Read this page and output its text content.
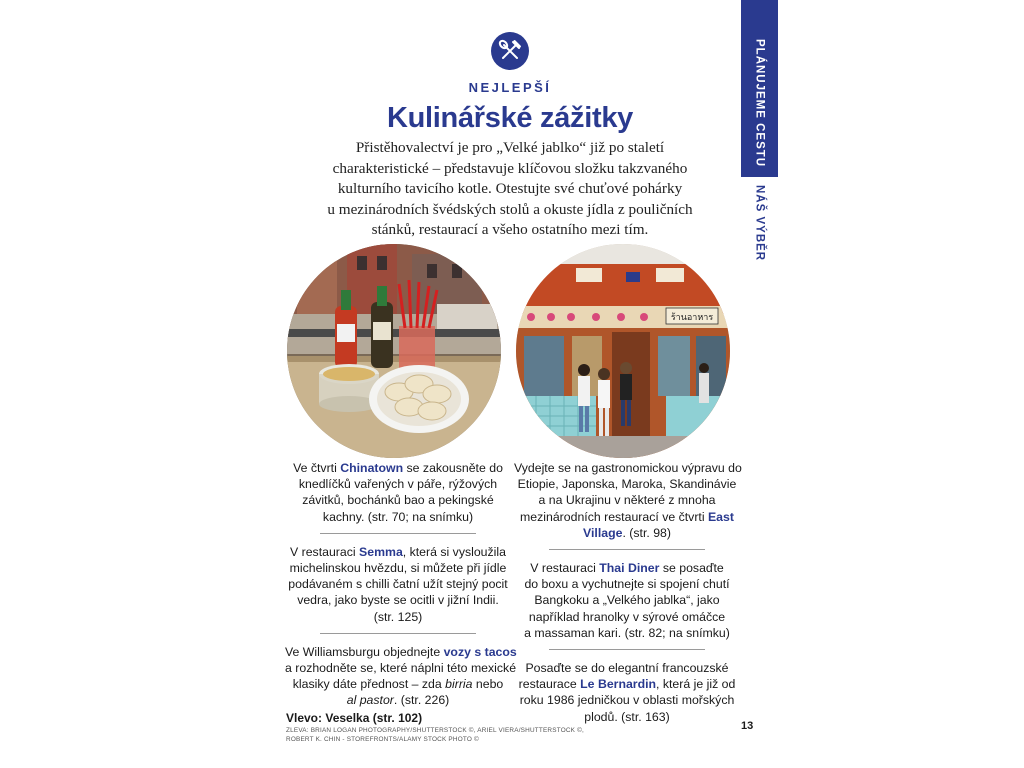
PLÁNUJEME CESTU
NÁŠ VÝBĚR
NEJLEPŠÍ
Kulinářské zážitky
Přistěhovalectví je pro „Velké jablko“ již po staletí
charakteristické – představuje klíčovou složku takzvaného
kulturního tavicího kotle. Otestujte své chuťové pohárky
u mezinárodních švédských stolů a okuste jídla z pouličních
stánků, restaurací a všeho ostatního mezi tím.
ร้านอาหาร
Ve čtvrti Chinatown se zakousněte do
knedlíčků vařených v páře, rýžových
závitků, bochánků bao a pekingské
kachny. (str. 70; na snímku)
V restauraci Semma, která si vysloužila
michelinskou hvězdu, si můžete při jídle
podávaném s chilli čatní užít stejný pocit
vedra, jako byste se ocitli v jižní Indii.
(str. 125)
Ve Williamsburgu objednejte vozy s tacos
a rozhodněte se, které náplni této mexické
klasiky dáte přednost – zda birria nebo
al pastor. (str. 226)
Vydejte se na gastronomickou výpravu do
Etiopie, Japonska, Maroka, Skandinávie
a na Ukrajinu v některé z mnoha
mezinárodních restaurací ve čtvrti East
Village. (str. 98)
V restauraci Thai Diner se posaďte
do boxu a vychutnejte si spojení chutí
Bangkoku a „Velkého jablka“, jako
například hranolky v sýrové omáčce
a massaman kari. (str. 82; na snímku)
Posaďte se do elegantní francouzské
restaurace Le Bernardin, která je již od
roku 1986 jedničkou v oblasti mořských
plodů. (str. 163)
Vlevo: Veselka (str. 102)
ZLEVA: BRIAN LOGAN PHOTOGRAPHY/SHUTTERSTOCK ©, ARIEL VIERA/SHUTTERSTOCK ©,
ROBERT K. CHIN - STOREFRONTS/ALAMY STOCK PHOTO ©
13
